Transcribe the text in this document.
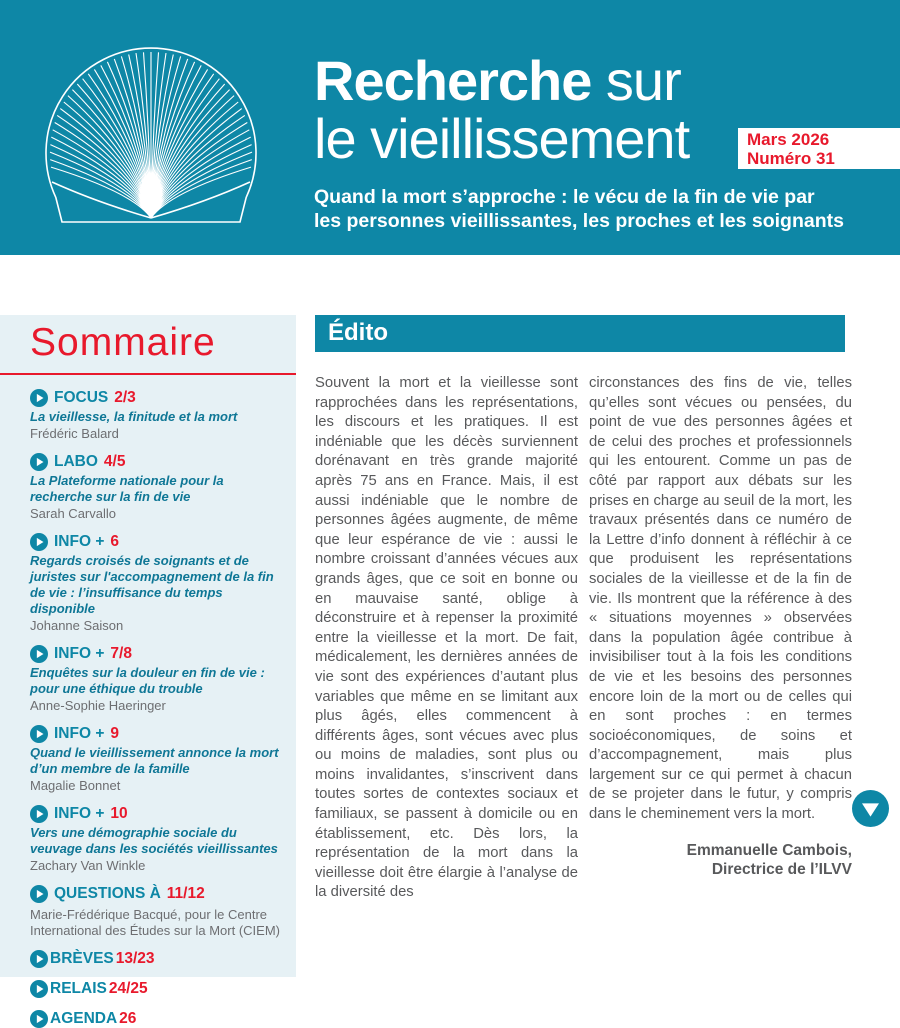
Recherche sur
le vieillissement	Mars 2026
Numéro 31
Quand la mort s’approche : le vécu de la fin de vie par
les personnes vieillissantes, les proches et les soignants
Sommaire
FOCUS 2/3
La vieillesse, la finitude et la mort
Frédéric Balard
LABO 4/5
La Plateforme nationale pour la recherche sur la fin de vie
Sarah Carvallo
INFO + 6
Regards croisés de soignants et de juristes sur l'accompagnement de la fin de vie : l’insuffisance du temps disponible
Johanne Saison
INFO + 7/8
Enquêtes sur la douleur en fin de vie : pour une éthique du trouble
Anne-Sophie Haeringer
INFO + 9
Quand le vieillissement annonce la mort d’un membre de la famille
Magalie Bonnet
INFO + 10
Vers une démographie sociale du veuvage dans les sociétés vieillissantes
Zachary Van Winkle
QUESTIONS À 11/12
Marie-Frédérique Bacqué, pour le Centre International des Études sur la Mort (CIEM)
BRÈVES 13/23
RELAIS 24/25
AGENDA 26
Édito
Souvent la mort et la vieillesse sont rapprochées dans les représentations, les discours et les pratiques. Il est indéniable que les décès surviennent dorénavant en très grande majorité après 75 ans en France. Mais, il est aussi indéniable que le nombre de personnes âgées augmente, de même que leur espérance de vie : aussi le nombre croissant d’années vécues aux grands âges, que ce soit en bonne ou en mauvaise santé, oblige à déconstruire et à repenser la proximité entre la vieillesse et la mort. De fait, médicalement, les dernières années de vie sont des expériences d’autant plus variables que même en se limitant aux plus âgés, elles commencent à différents âges, sont vécues avec plus ou moins de maladies, sont plus ou moins invalidantes, s’inscrivent dans toutes sortes de contextes sociaux et familiaux, se passent à domicile ou en établissement, etc. Dès lors, la représentation de la mort dans la vieillesse doit être élargie à l’analyse de la diversité des
circonstances des fins de vie, telles qu’elles sont vécues ou pensées, du point de vue des personnes âgées et de celui des proches et professionnels qui les entourent. Comme un pas de côté par rapport aux débats sur les prises en charge au seuil de la mort, les travaux présentés dans ce numéro de la Lettre d’info donnent à réfléchir à ce que produisent les représentations sociales de la vieillesse et de la fin de vie. Ils montrent que la référence à des « situations moyennes » observées dans la population âgée contribue à invisibiliser tout à la fois les conditions de vie et les besoins des personnes encore loin de la mort ou de celles qui en sont proches : en termes socioéconomiques, de soins et d’accompagnement, mais plus largement sur ce qui permet à chacun de se projeter dans le futur, y compris dans le cheminement vers la mort.
Emmanuelle Cambois,
Directrice de l’ILVV
